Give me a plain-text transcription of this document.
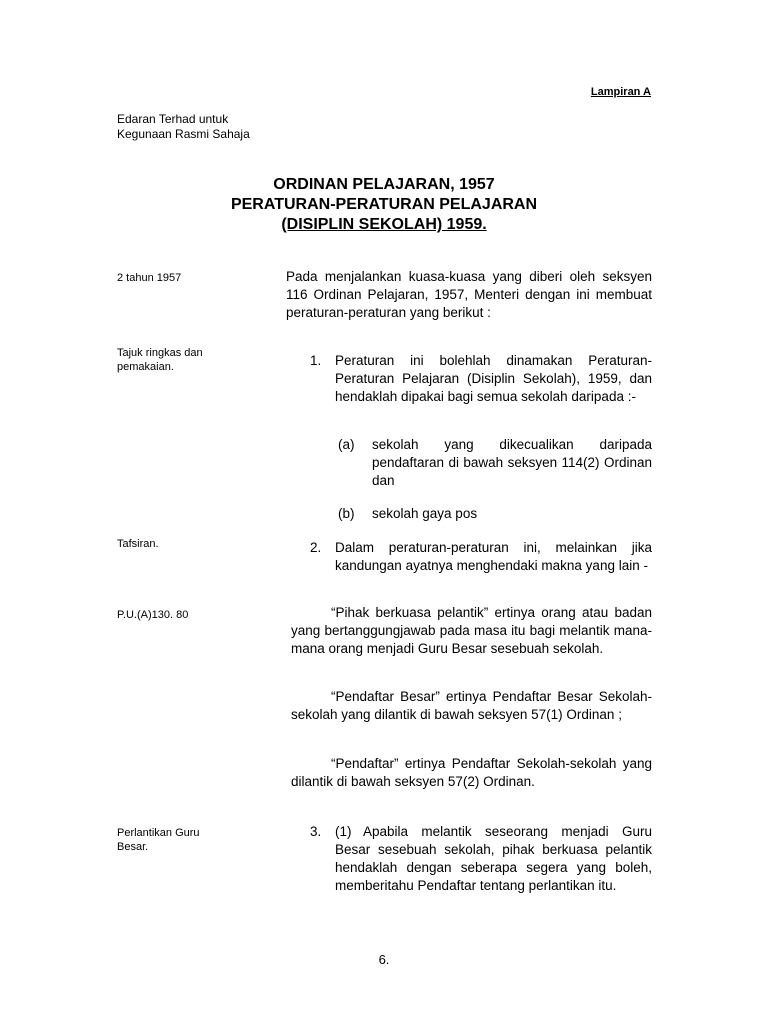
Lampiran A
Edaran Terhad untuk
Kegunaan Rasmi Sahaja
ORDINAN PELAJARAN, 1957
PERATURAN-PERATURAN PELAJARAN
(DISIPLIN SEKOLAH) 1959.
2 tahun 1957
Tajuk ringkas dan
pemakaian.
Tafsiran.
P.U.(A)130. 80
Perlantikan Guru
Besar.
Pada menjalankan kuasa-kuasa yang diberi oleh seksyen 116 Ordinan Pelajaran, 1957, Menteri dengan ini membuat peraturan-peraturan yang berikut :
1. Peraturan ini bolehlah dinamakan Peraturan-Peraturan Pelajaran (Disiplin Sekolah), 1959, dan hendaklah dipakai bagi semua sekolah daripada :-
(a) sekolah yang dikecualikan daripada pendaftaran di bawah seksyen 114(2) Ordinan dan
(b) sekolah gaya pos
2. Dalam peraturan-peraturan ini, melainkan jika kandungan ayatnya menghendaki makna yang lain -
“Pihak berkuasa pelantik” ertinya orang atau badan yang bertanggungjawab pada masa itu bagi melantik mana-mana orang menjadi Guru Besar sesebuah sekolah.
“Pendaftar Besar” ertinya Pendaftar Besar Sekolah-sekolah yang dilantik di bawah seksyen 57(1) Ordinan ;
“Pendaftar” ertinya Pendaftar Sekolah-sekolah yang dilantik di bawah seksyen 57(2) Ordinan.
3. (1) Apabila melantik seseorang menjadi Guru Besar sesebuah sekolah, pihak berkuasa pelantik hendaklah dengan seberapa segera yang boleh, memberitahu Pendaftar tentang perlantikan itu.
6.
